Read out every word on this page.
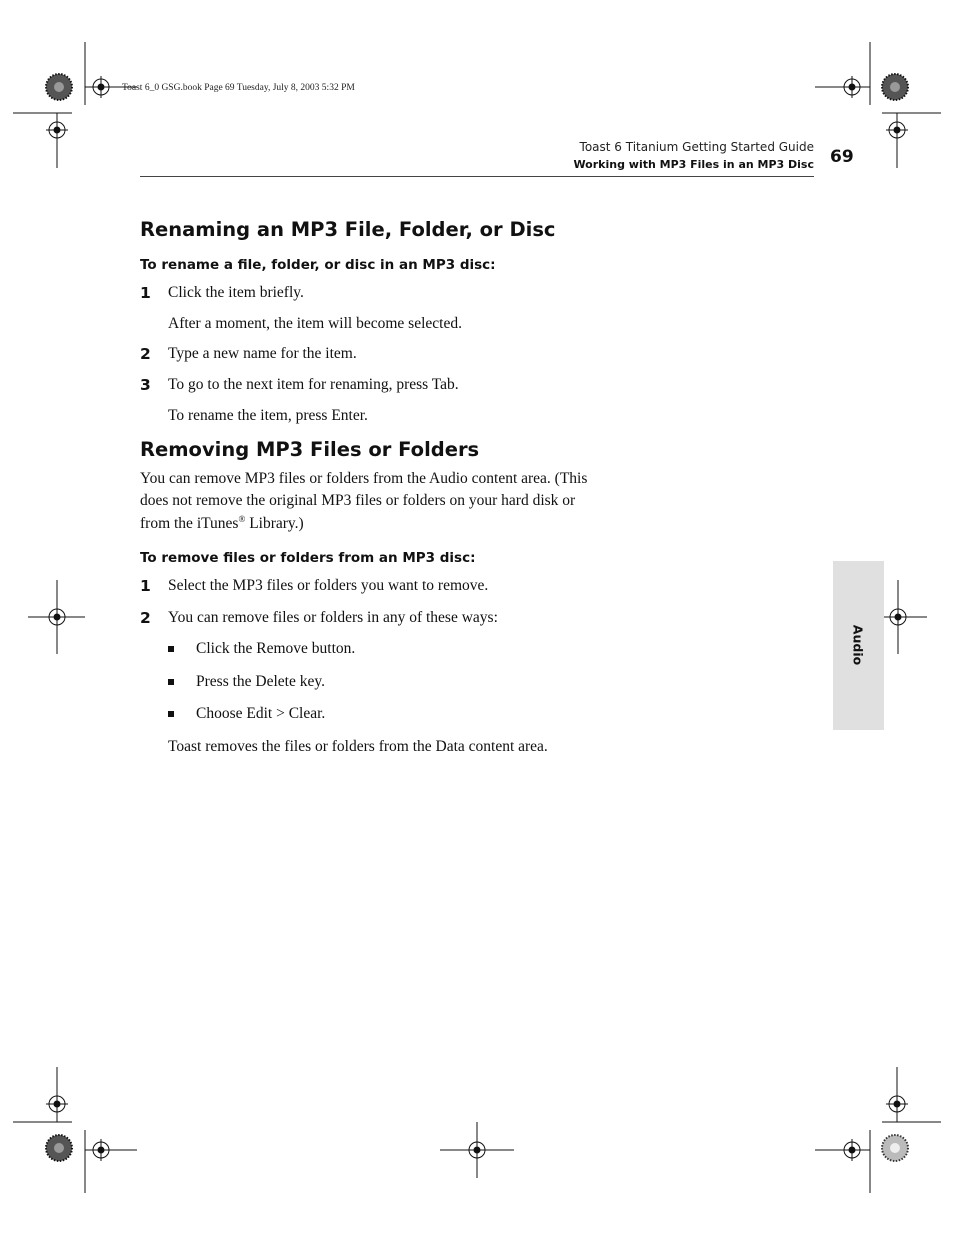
Toast 6_0 GSG.book Page 69 Tuesday, July 8, 2003 5:32 PM
Toast 6 Titanium Getting Started Guide
Working with MP3 Files in an MP3 Disc 69
Audio
Renaming an MP3 File, Folder, or Disc
To rename a file, folder, or disc in an MP3 disc:
1 Click the item briefly.
After a moment, the item will become selected.
2 Type a new name for the item.
3 To go to the next item for renaming, press Tab.
To rename the item, press Enter.
Removing MP3 Files or Folders
You can remove MP3 files or folders from the Audio content area. (This
does not remove the original MP3 files or folders on your hard disk or
from the iTunes® Library.)
To remove files or folders from an MP3 disc:
1 Select the MP3 files or folders you want to remove.
2 You can remove files or folders in any of these ways:
Click the Remove button.
Press the Delete key.
Choose Edit > Clear.
Toast removes the files or folders from the Data content area.
